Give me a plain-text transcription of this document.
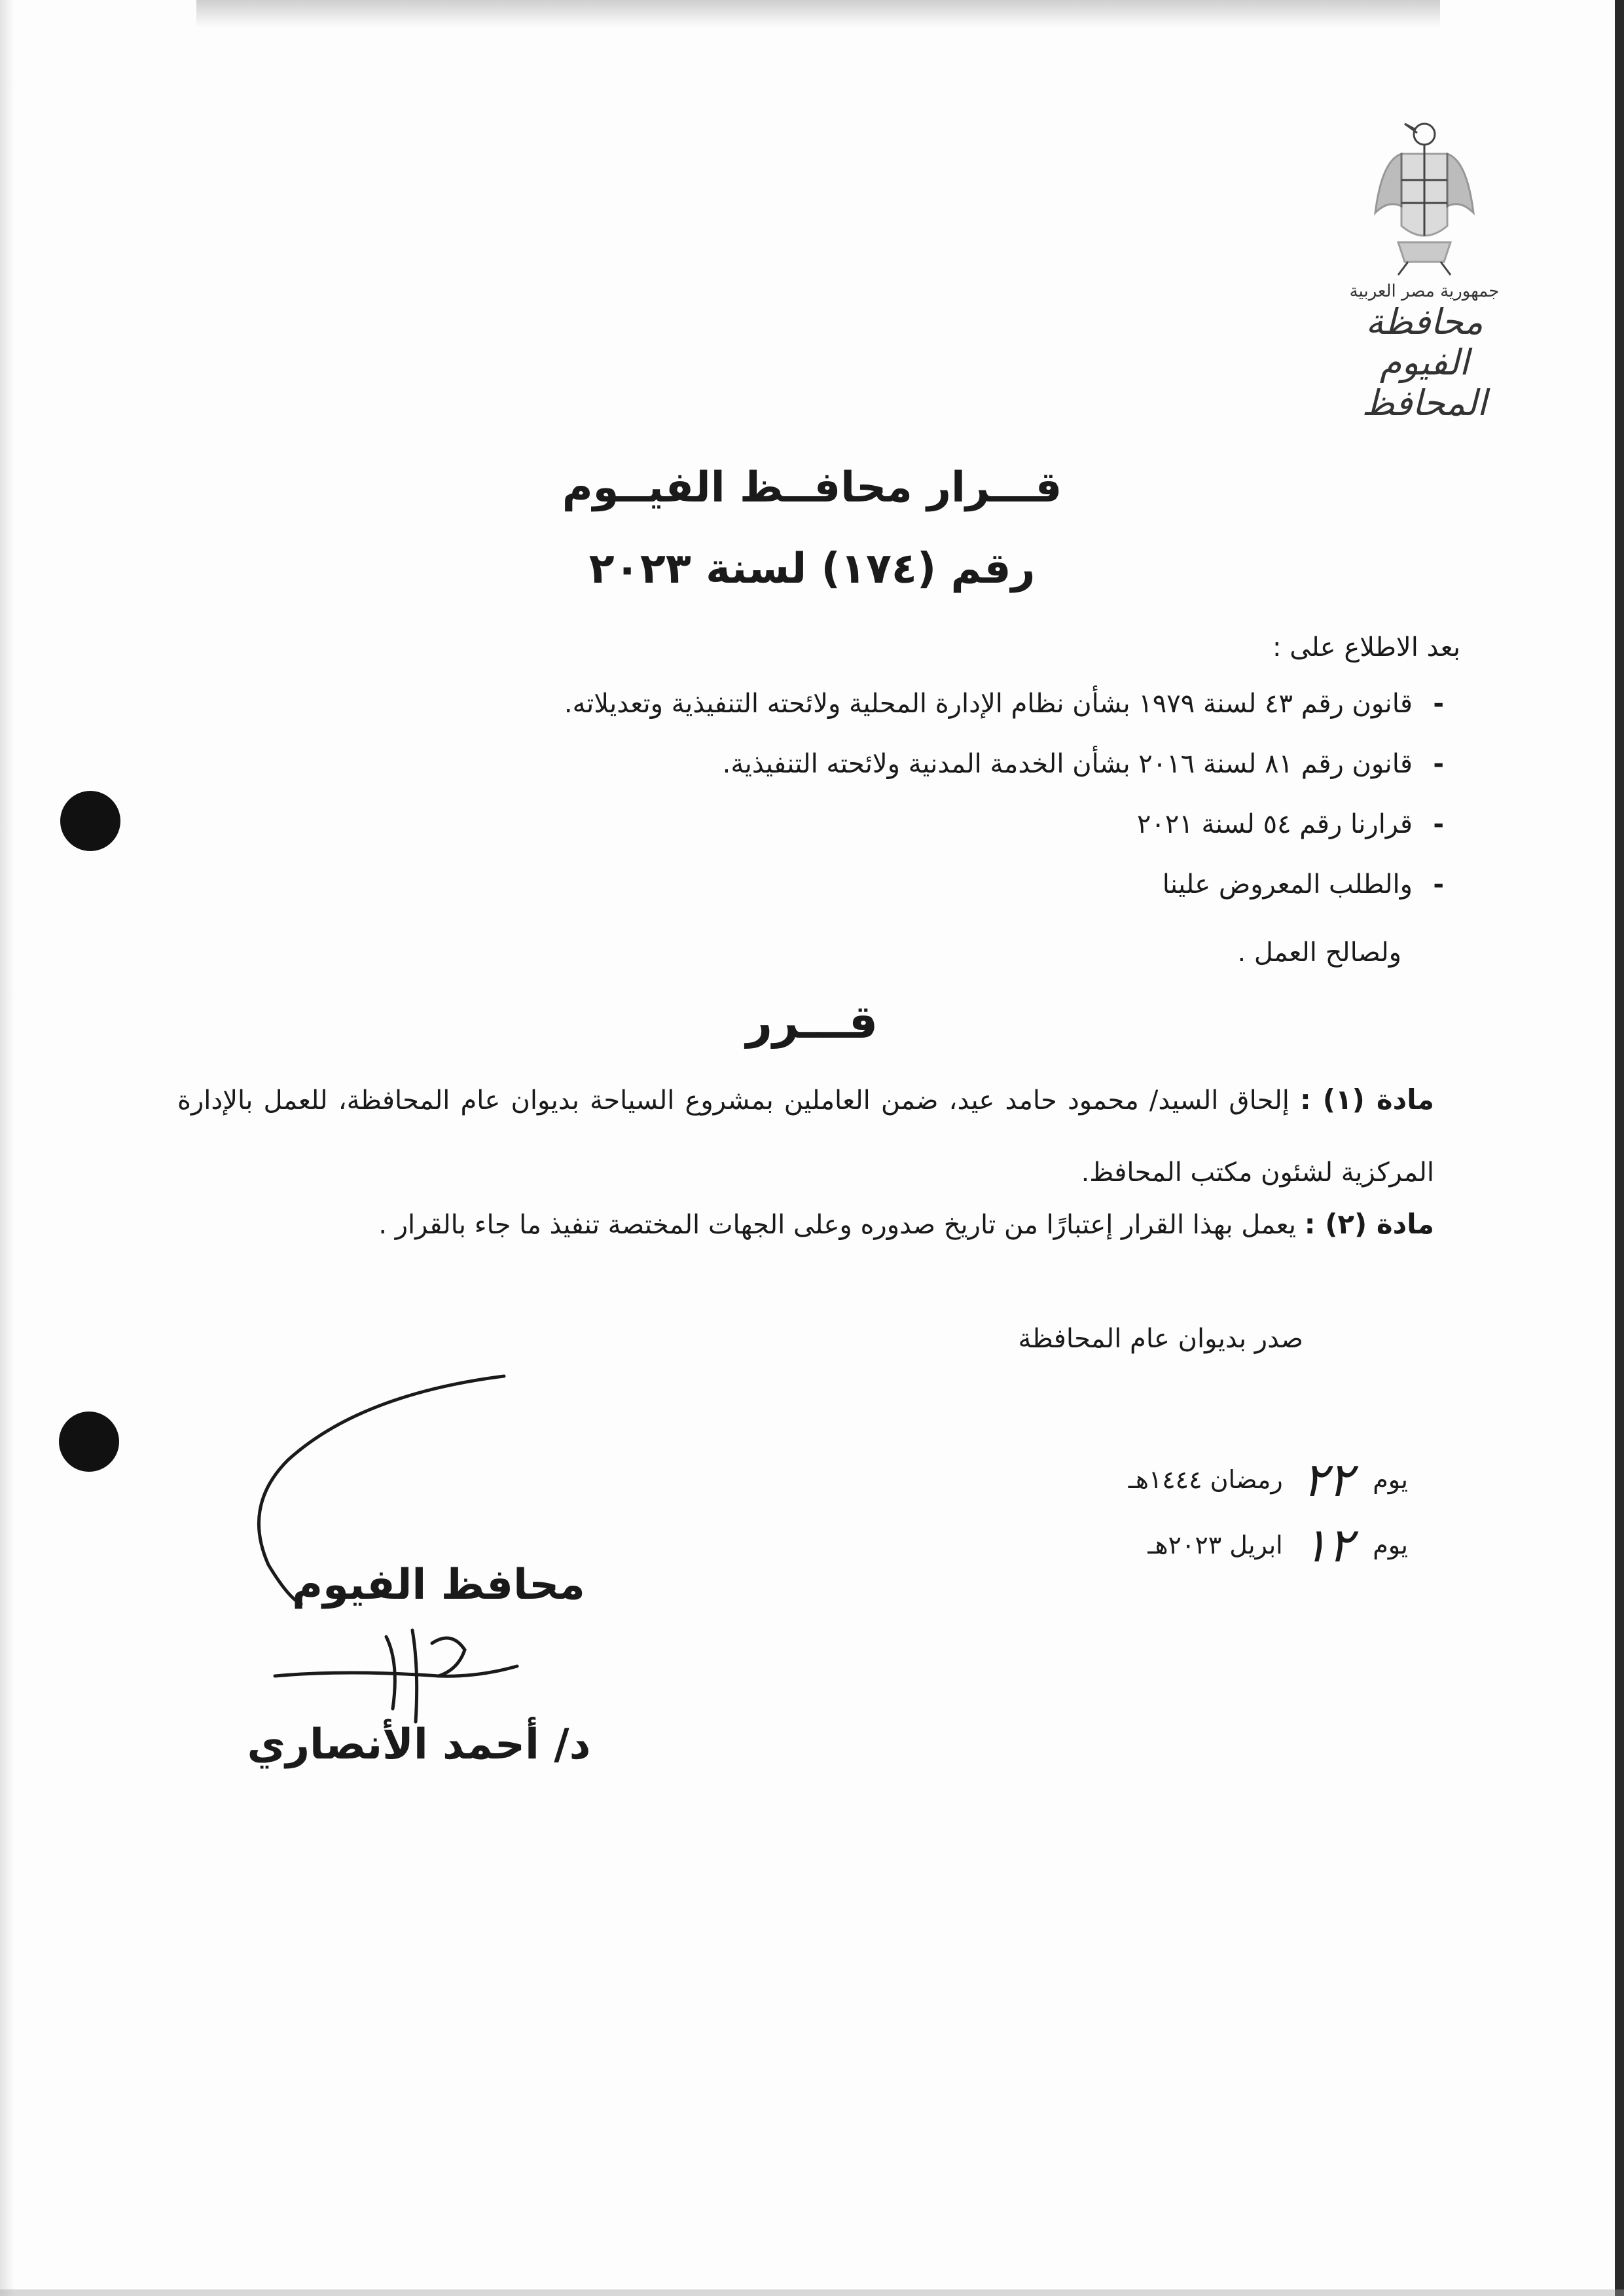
جمهورية مصر العربية
محافظة الفيوم
المحافظ
قـــرار محافــظ الفيــوم
رقم (١٧٤) لسنة ٢٠٢٣
بعد الاطلاع على :
-
قانون رقم ٤٣ لسنة ١٩٧٩ بشأن نظام الإدارة المحلية ولائحته التنفيذية وتعديلاته.
-
قانون رقم ٨١ لسنة ٢٠١٦ بشأن الخدمة المدنية ولائحته التنفيذية.
-
قرارنا رقم ٥٤ لسنة ٢٠٢١
-
والطلب المعروض علينا
ولصالح العمل .
قـــرر
مادة (١) : إلحاق السيد/ محمود حامد عيد، ضمن العاملين بمشروع السياحة بديوان عام المحافظة، للعمل بالإدارة المركزية لشئون مكتب المحافظ.
مادة (٢) : يعمل بهذا القرار إعتبارًا من تاريخ صدوره وعلى الجهات المختصة تنفيذ ما جاء بالقرار .
صدر بديوان عام المحافظة
يوم ٢٢ رمضان ١٤٤٤هـ
يوم ١٢ ابريل ٢٠٢٣هـ
محافظ الفيوم
د/ أحمد الأنصاري
